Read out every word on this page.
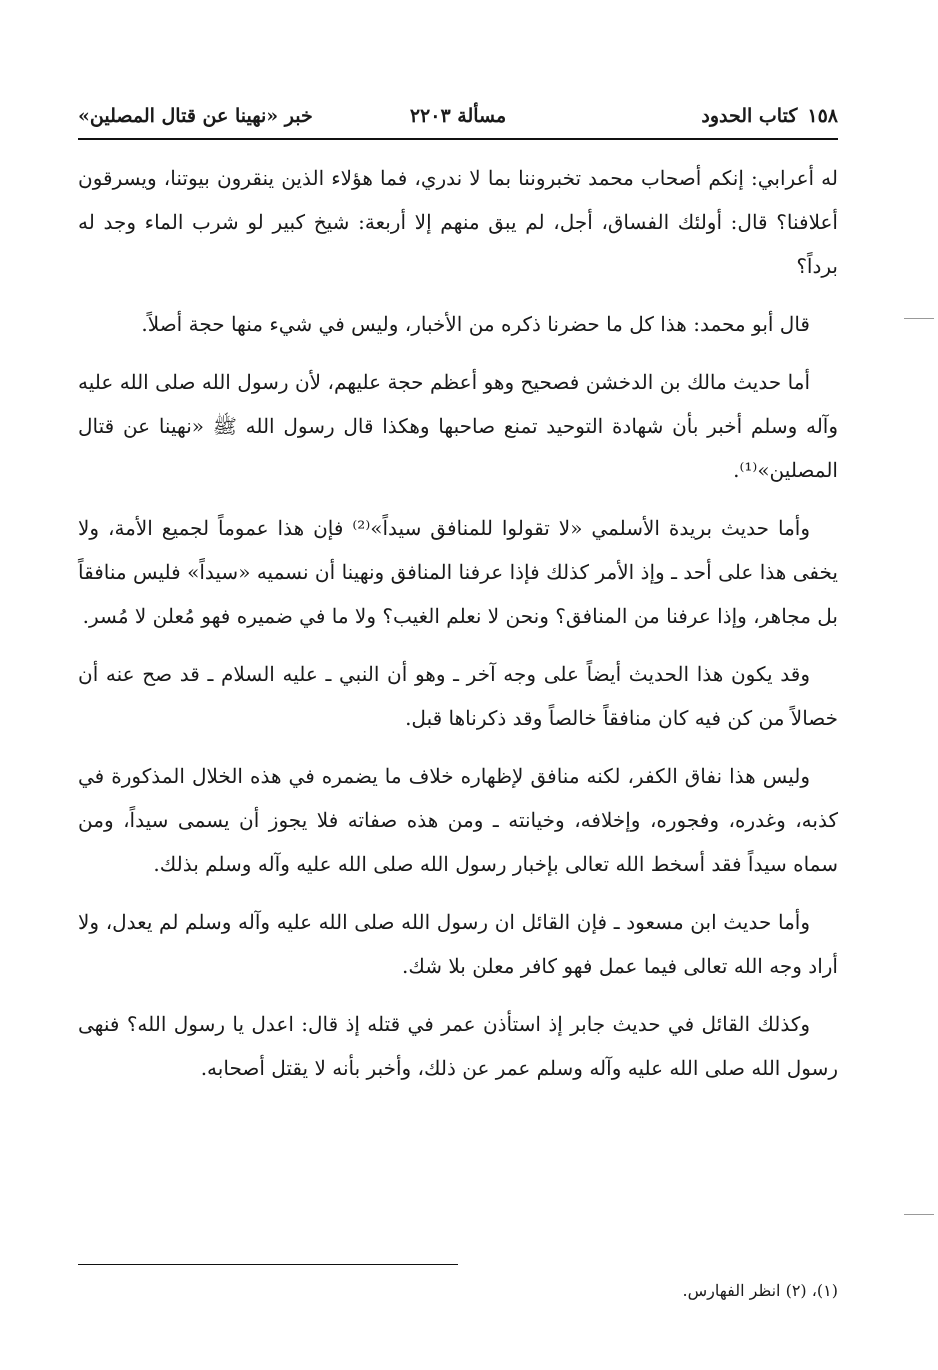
١٥٨
كتاب الحدود
مسألة ٢٢٠٣
خبر «نهينا عن قتال المصلين»

له أعرابي: إنكم أصحاب محمد تخبروننا بما لا ندري، فما هؤلاء الذين ينقرون بيوتنا، ويسرقون أعلافنا؟ قال: أولئك الفساق، أجل، لم يبق منهم إلا أربعة: شيخ كبير لو شرب الماء وجد له برداً؟

قال أبو محمد: هذا كل ما حضرنا ذكره من الأخبار، وليس في شيء منها حجة أصلاً.

أما حديث مالك بن الدخشن فصحيح وهو أعظم حجة عليهم، لأن رسول الله صلى الله عليه وآله وسلم أخبر بأن شهادة التوحيد تمنع صاحبها وهكذا قال رسول الله ﷺ «نهينا عن قتال المصلين»⁽¹⁾.

وأما حديث بريدة الأسلمي «لا تقولوا للمنافق سيداً»⁽²⁾ فإن هذا عموماً لجميع الأمة، ولا يخفى هذا على أحد ـ وإذ الأمر كذلك فإذا عرفنا المنافق ونهينا أن نسميه «سيداً» فليس منافقاً بل مجاهر، وإذا عرفنا من المنافق؟ ونحن لا نعلم الغيب؟ ولا ما في ضميره فهو مُعلن لا مُسر.

وقد يكون هذا الحديث أيضاً على وجه آخر ـ وهو أن النبي ـ عليه السلام ـ قد صح عنه أن خصالاً من كن فيه كان منافقاً خالصاً وقد ذكرناها قبل.

وليس هذا نفاق الكفر، لكنه منافق لإظهاره خلاف ما يضمره في هذه الخلال المذكورة في كذبه، وغدره، وفجوره، وإخلافه، وخيانته ـ ومن هذه صفاته فلا يجوز أن يسمى سيداً، ومن سماه سيداً فقد أسخط الله تعالى بإخبار رسول الله صلى الله عليه وآله وسلم بذلك.

وأما حديث ابن مسعود ـ فإن القائل ان رسول الله صلى الله عليه وآله وسلم لم يعدل، ولا أراد وجه الله تعالى فيما عمل فهو كافر معلن بلا شك.

وكذلك القائل في حديث جابر إذ استأذن عمر في قتله إذ قال: اعدل يا رسول الله؟ فنهى رسول الله صلى الله عليه وآله وسلم عمر عن ذلك، وأخبر بأنه لا يقتل أصحابه.

(١)، (٢) انظر الفهارس.
